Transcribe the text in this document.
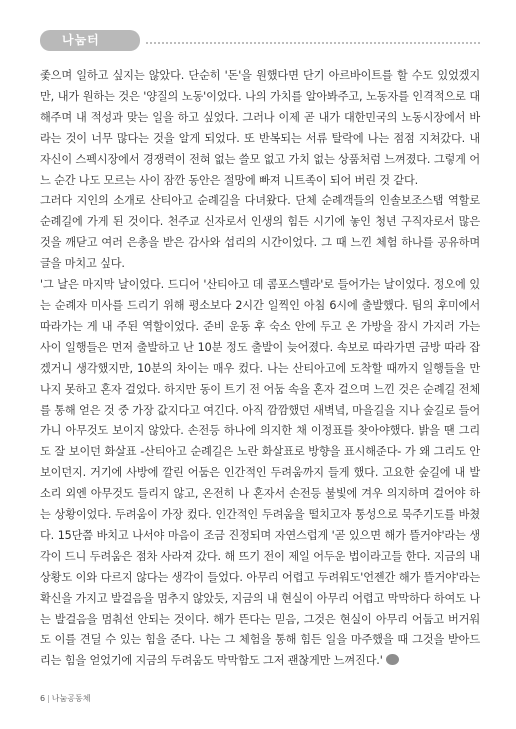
나눔터

좇으며 일하고 싶지는 않았다. 단순히 '돈'을 원했다면 단기 아르바이트를 할 수도 있었겠지만, 내가 원하는 것은 '양질의 노동'이었다. 나의 가치를 알아봐주고, 노동자를 인격적으로 대해주며 내 적성과 맞는 일을 하고 싶었다. 그러나 이제 곧 내가 대한민국의 노동시장에서 바라는 것이 너무 많다는 것을 알게 되었다. 또 반복되는 서류 탈락에 나는 점점 지쳐갔다. 내 자신이 스펙시장에서 경쟁력이 전혀 없는 쓸모 없고 가치 없는 상품처럼 느껴졌다. 그렇게 어느 순간 나도 모르는 사이 잠깐 동안은 절망에 빠져 니트족이 되어 버린 것 같다.

그러다 지인의 소개로 산티아고 순례길을 다녀왔다. 단체 순례객들의 인솔보조스탭 역할로 순례길에 가게 된 것이다. 천주교 신자로서 인생의 힘든 시기에 놓인 청년 구직자로서 많은 것을 깨닫고 여러 은총을 받은 감사와 섭리의 시간이었다. 그 때 느낀 체험 하나를 공유하며 글을 마치고 싶다.

'그 날은 마지막 날이었다. 드디어 '산티아고 데 콤포스텔라'로 들어가는 날이었다. 정오에 있는 순례자 미사를 드리기 위해 평소보다 2시간 일찍인 아침 6시에 출발했다. 팀의 후미에서 따라가는 게 내 주된 역할이었다. 준비 운동 후 숙소 안에 두고 온 가방을 잠시 가지러 가는 사이 일행들은 먼저 출발하고 난 10분 정도 출발이 늦어졌다. 속보로 따라가면 금방 따라 잡겠거니 생각했지만, 10분의 차이는 매우 컸다. 나는 산티아고에 도착할 때까지 일행들을 만나지 못하고 혼자 걸었다. 하지만 동이 트기 전 어둠 속을 혼자 걸으며 느낀 것은 순례길 전체를 통해 얻은 것 중 가장 값지다고 여긴다. 아직 깜깜했던 새벽녘, 마을길을 지나 숲길로 들어가니 아무것도 보이지 않았다. 손전등 하나에 의지한 채 이정표를 찾아야했다. 밝을 땐 그리도 잘 보이던 화살표 -산티아고 순례길은 노란 화살표로 방향을 표시해준다- 가 왜 그리도 안 보이던지. 거기에 사방에 깔린 어둠은 인간적인 두려움까지 들게 했다. 고요한 숲길에 내 발소리 외엔 아무것도 들리지 않고, 온전히 나 혼자서 손전등 불빛에 겨우 의지하며 걸어야 하는 상황이었다. 두려움이 가장 컸다. 인간적인 두려움을 떨치고자 통성으로 묵주기도를 바쳤다. 15단쯤 바치고 나서야 마음이 조금 진정되며 자연스럽게 '곧 있으면 해가 뜰거야'라는 생각이 드니 두려움은 점차 사라져 갔다. 해 뜨기 전이 제일 어두운 법이라고들 한다. 지금의 내 상황도 이와 다르지 않다는 생각이 들었다. 아무리 어렵고 두려워도'언젠간 해가 뜰거야'라는 확신을 가지고 발걸음을 멈추지 않았듯, 지금의 내 현실이 아무리 어렵고 막막하다 하여도 나는 발걸음을 멈춰선 안되는 것이다. 해가 뜬다는 믿음, 그것은 현실이 아무리 어둡고 버거워도 이를 견딜 수 있는 힘을 준다. 나는 그 체험을 통해 힘든 일을 마주했을 때 그것을 받아드리는 힘을 얻었기에 지금의 두려움도 막막함도 그저 괜찮게만 느껴진다.'

6 | 나눔공동체
